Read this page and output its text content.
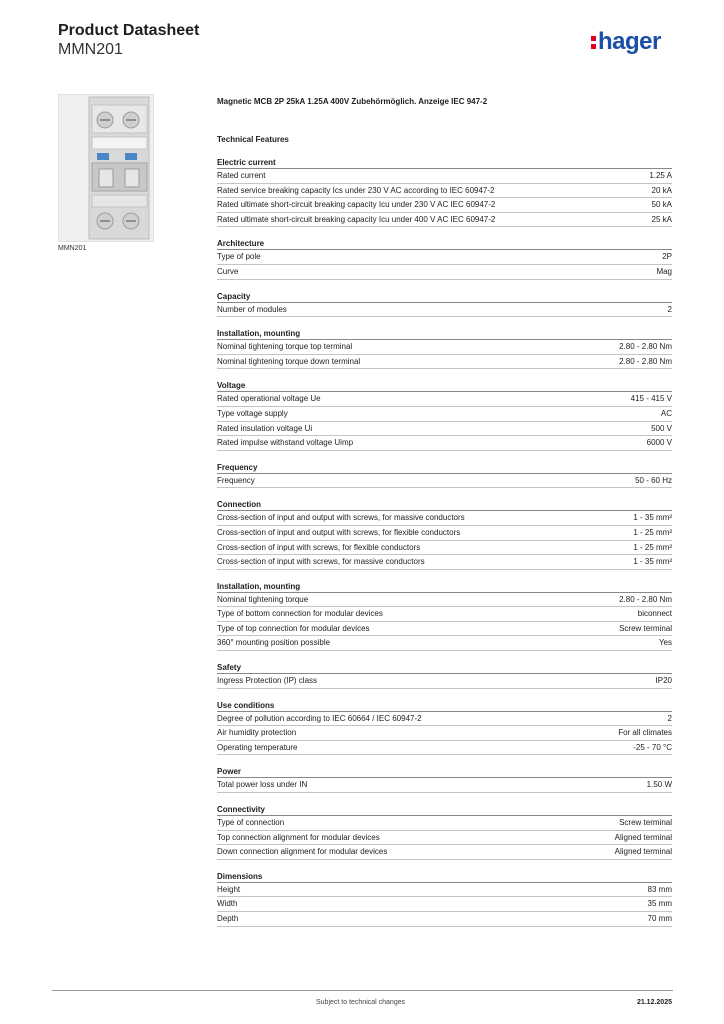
Product Datasheet
MMN201	hager
MMN201
Magnetic MCB 2P 25kA 1.25A 400V Zubehörmöglich. Anzeige IEC 947-2
Technical Features
Electric current
Rated current	1.25 A
Rated service breaking capacity Ics under 230 V AC according to IEC 60947-2	20 kA
Rated ultimate short-circuit breaking capacity Icu under 230 V AC IEC 60947-2	50 kA
Rated ultimate short-circuit breaking capacity Icu under 400 V AC IEC 60947-2	25 kA
Architecture
Type of pole	2P
Curve	Mag
Capacity
Number of modules	2
Installation, mounting
Nominal tightening torque top terminal	2.80 - 2.80 Nm
Nominal tightening torque down terminal	2.80 - 2.80 Nm
Voltage
Rated operational voltage Ue	415 - 415 V
Type voltage supply	AC
Rated insulation voltage Ui	500 V
Rated impulse withstand voltage Uimp	6000 V
Frequency
Frequency	50 - 60 Hz
Connection
Cross-section of input and output with screws, for massive conductors	1 - 35 mm²
Cross-section of input and output with screws, for flexible conductors	1 - 25 mm²
Cross-section of input with screws, for flexible conductors	1 - 25 mm²
Cross-section of input with screws, for massive conductors	1 - 35 mm²
Installation, mounting
Nominal tightening torque	2.80 - 2.80 Nm
Type of bottom connection for modular devices	biconnect
Type of top connection for modular devices	Screw terminal
360° mounting position possible	Yes
Safety
Ingress Protection (IP) class	IP20
Use conditions
Degree of pollution according to IEC 60664 / IEC 60947-2	2
Air humidity protection	For all climates
Operating temperature	-25 - 70 °C
Power
Total power loss under IN	1.50 W
Connectivity
Type of connection	Screw terminal
Top connection alignment for modular devices	Aligned terminal
Down connection alignment for modular devices	Aligned terminal
Dimensions
Height	83 mm
Width	35 mm
Depth	70 mm
Subject to technical changes	21.12.2025
